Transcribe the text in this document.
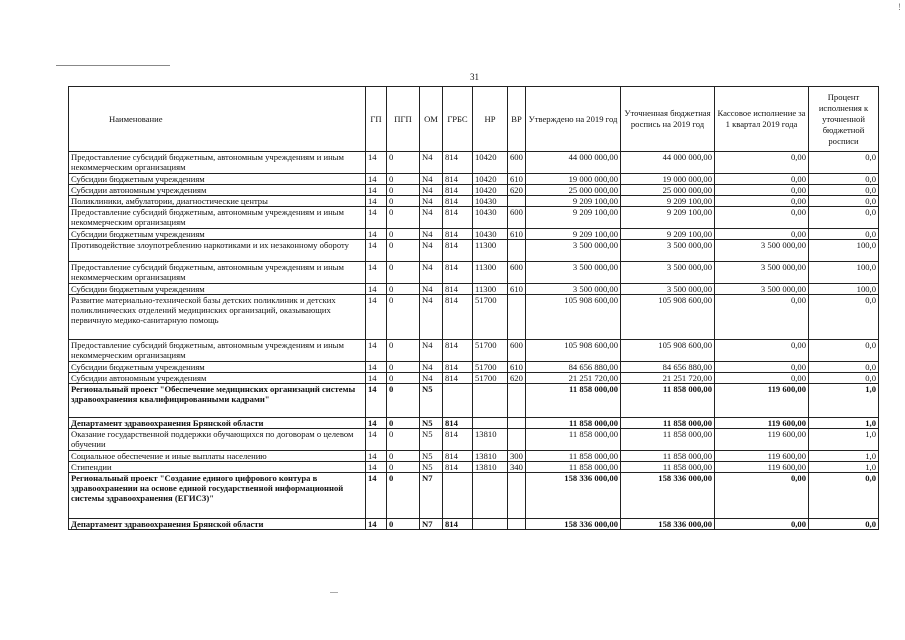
!
31
Наименование	ГП	ПГП	ОМ	ГРБС	НР	ВР	Утверждено на 2019 год	Уточненная бюджетная роспись на 2019 год	Кассовое исполнение за 1 квартал 2019 года	Процент исполнения к уточненной бюджетной росписи
Предоставление субсидий бюджетным, автономным учреждениям и иным некоммерческим организациям	14	0	N4	814	10420	600	44 000 000,00	44 000 000,00	0,00	0,0
Субсидии бюджетным учреждениям	14	0	N4	814	10420	610	19 000 000,00	19 000 000,00	0,00	0,0
Субсидии автономным учреждениям	14	0	N4	814	10420	620	25 000 000,00	25 000 000,00	0,00	0,0
Поликлиники, амбулатории, диагностические центры	14	0	N4	814	10430		9 209 100,00	9 209 100,00	0,00	0,0
Предоставление субсидий бюджетным, автономным учреждениям и иным некоммерческим организациям	14	0	N4	814	10430	600	9 209 100,00	9 209 100,00	0,00	0,0
Субсидии бюджетным учреждениям	14	0	N4	814	10430	610	9 209 100,00	9 209 100,00	0,00	0,0
Противодействие злоупотреблению наркотиками и их незаконному обороту	14	0	N4	814	11300		3 500 000,00	3 500 000,00	3 500 000,00	100,0
Предоставление субсидий бюджетным, автономным учреждениям и иным некоммерческим организациям	14	0	N4	814	11300	600	3 500 000,00	3 500 000,00	3 500 000,00	100,0
Субсидии бюджетным учреждениям	14	0	N4	814	11300	610	3 500 000,00	3 500 000,00	3 500 000,00	100,0
Развитие материально-технической базы детских поликлиник и детских поликлинических отделений медицинских организаций, оказывающих первичную медико-санитарную помощь	14	0	N4	814	51700		105 908 600,00	105 908 600,00	0,00	0,0
Предоставление субсидий бюджетным, автономным учреждениям и иным некоммерческим организациям	14	0	N4	814	51700	600	105 908 600,00	105 908 600,00	0,00	0,0
Субсидии бюджетным учреждениям	14	0	N4	814	51700	610	84 656 880,00	84 656 880,00	0,00	0,0
Субсидии автономным учреждениям	14	0	N4	814	51700	620	21 251 720,00	21 251 720,00	0,00	0,0
Региональный проект "Обеспечение медицинских организаций системы здравоохранения квалифицированными кадрами"	14	0	N5				11 858 000,00	11 858 000,00	119 600,00	1,0
Департамент здравоохранения Брянской области	14	0	N5	814			11 858 000,00	11 858 000,00	119 600,00	1,0
Оказание государственной поддержки обучающихся по договорам о целевом обучении	14	0	N5	814	13810		11 858 000,00	11 858 000,00	119 600,00	1,0
Социальное обеспечение и иные выплаты населению	14	0	N5	814	13810	300	11 858 000,00	11 858 000,00	119 600,00	1,0
Стипендии	14	0	N5	814	13810	340	11 858 000,00	11 858 000,00	119 600,00	1,0
Региональный проект "Создание единого цифрового контура в здравоохранении на основе единой государственной информационной системы здравоохранения (ЕГИСЗ)"	14	0	N7				158 336 000,00	158 336 000,00	0,00	0,0
Департамент здравоохранения Брянской области	14	0	N7	814			158 336 000,00	158 336 000,00	0,00	0,0
